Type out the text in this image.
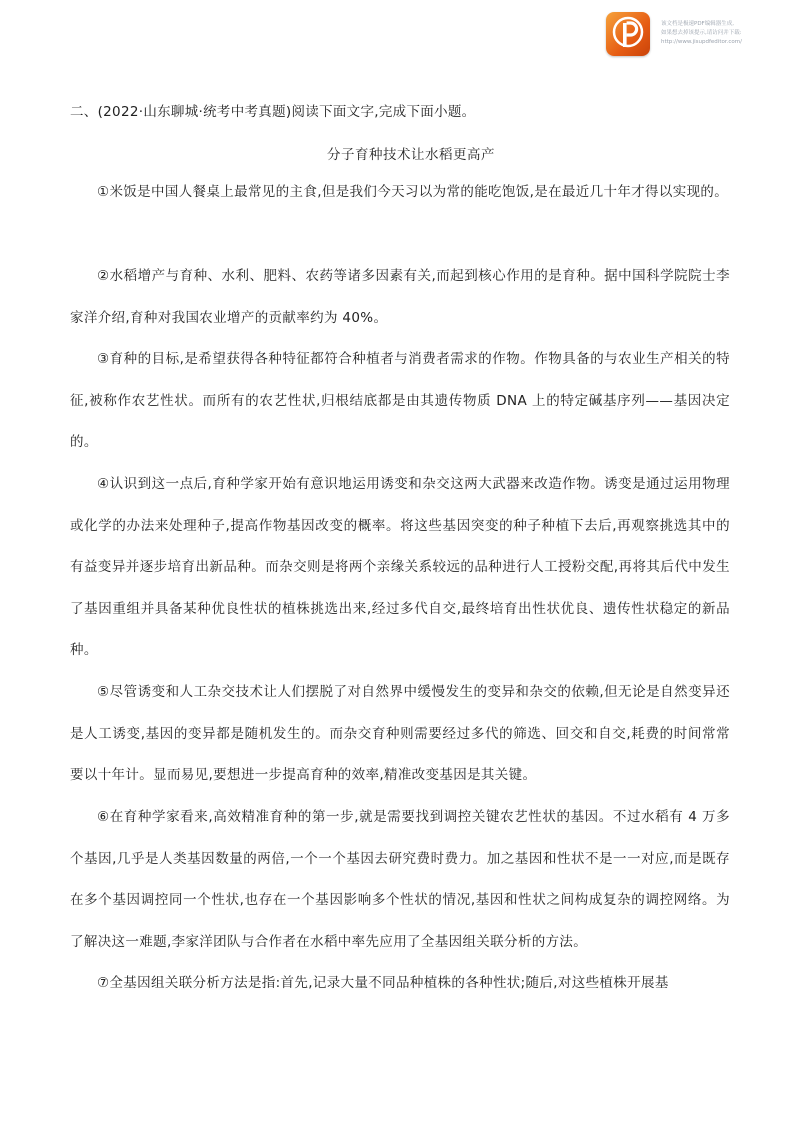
该文档是极速PDF编辑器生成,
如果想去掉该提示,请访问并下载:
http://www.jisupdfeditor.com/
二、(2022·山东聊城·统考中考真题)阅读下面文字,完成下面小题。
分子育种技术让水稻更高产

①米饭是中国人餐桌上最常见的主食,但是我们今天习以为常的能吃饱饭,是在最近几十年才得以实现的。

②水稻增产与育种、水利、肥料、农药等诸多因素有关,而起到核心作用的是育种。据中国科学院院士李家洋介绍,育种对我国农业增产的贡献率约为 40%。

③育种的目标,是希望获得各种特征都符合种植者与消费者需求的作物。作物具备的与农业生产相关的特征,被称作农艺性状。而所有的农艺性状,归根结底都是由其遗传物质 DNA 上的特定碱基序列——基因决定的。

④认识到这一点后,育种学家开始有意识地运用诱变和杂交这两大武器来改造作物。诱变是通过运用物理或化学的办法来处理种子,提高作物基因改变的概率。将这些基因突变的种子种植下去后,再观察挑选其中的有益变异并逐步培育出新品种。而杂交则是将两个亲缘关系较远的品种进行人工授粉交配,再将其后代中发生了基因重组并具备某种优良性状的植株挑选出来,经过多代自交,最终培育出性状优良、遗传性状稳定的新品种。

⑤尽管诱变和人工杂交技术让人们摆脱了对自然界中缓慢发生的变异和杂交的依赖,但无论是自然变异还是人工诱变,基因的变异都是随机发生的。而杂交育种则需要经过多代的筛选、回交和自交,耗费的时间常常要以十年计。显而易见,要想进一步提高育种的效率,精准改变基因是其关键。

⑥在育种学家看来,高效精准育种的第一步,就是需要找到调控关键农艺性状的基因。不过水稻有 4 万多个基因,几乎是人类基因数量的两倍,一个一个基因去研究费时费力。加之基因和性状不是一一对应,而是既存在多个基因调控同一个性状,也存在一个基因影响多个性状的情况,基因和性状之间构成复杂的调控网络。为了解决这一难题,李家洋团队与合作者在水稻中率先应用了全基因组关联分析的方法。

⑦全基因组关联分析方法是指:首先,记录大量不同品种植株的各种性状;随后,对这些植株开展基
